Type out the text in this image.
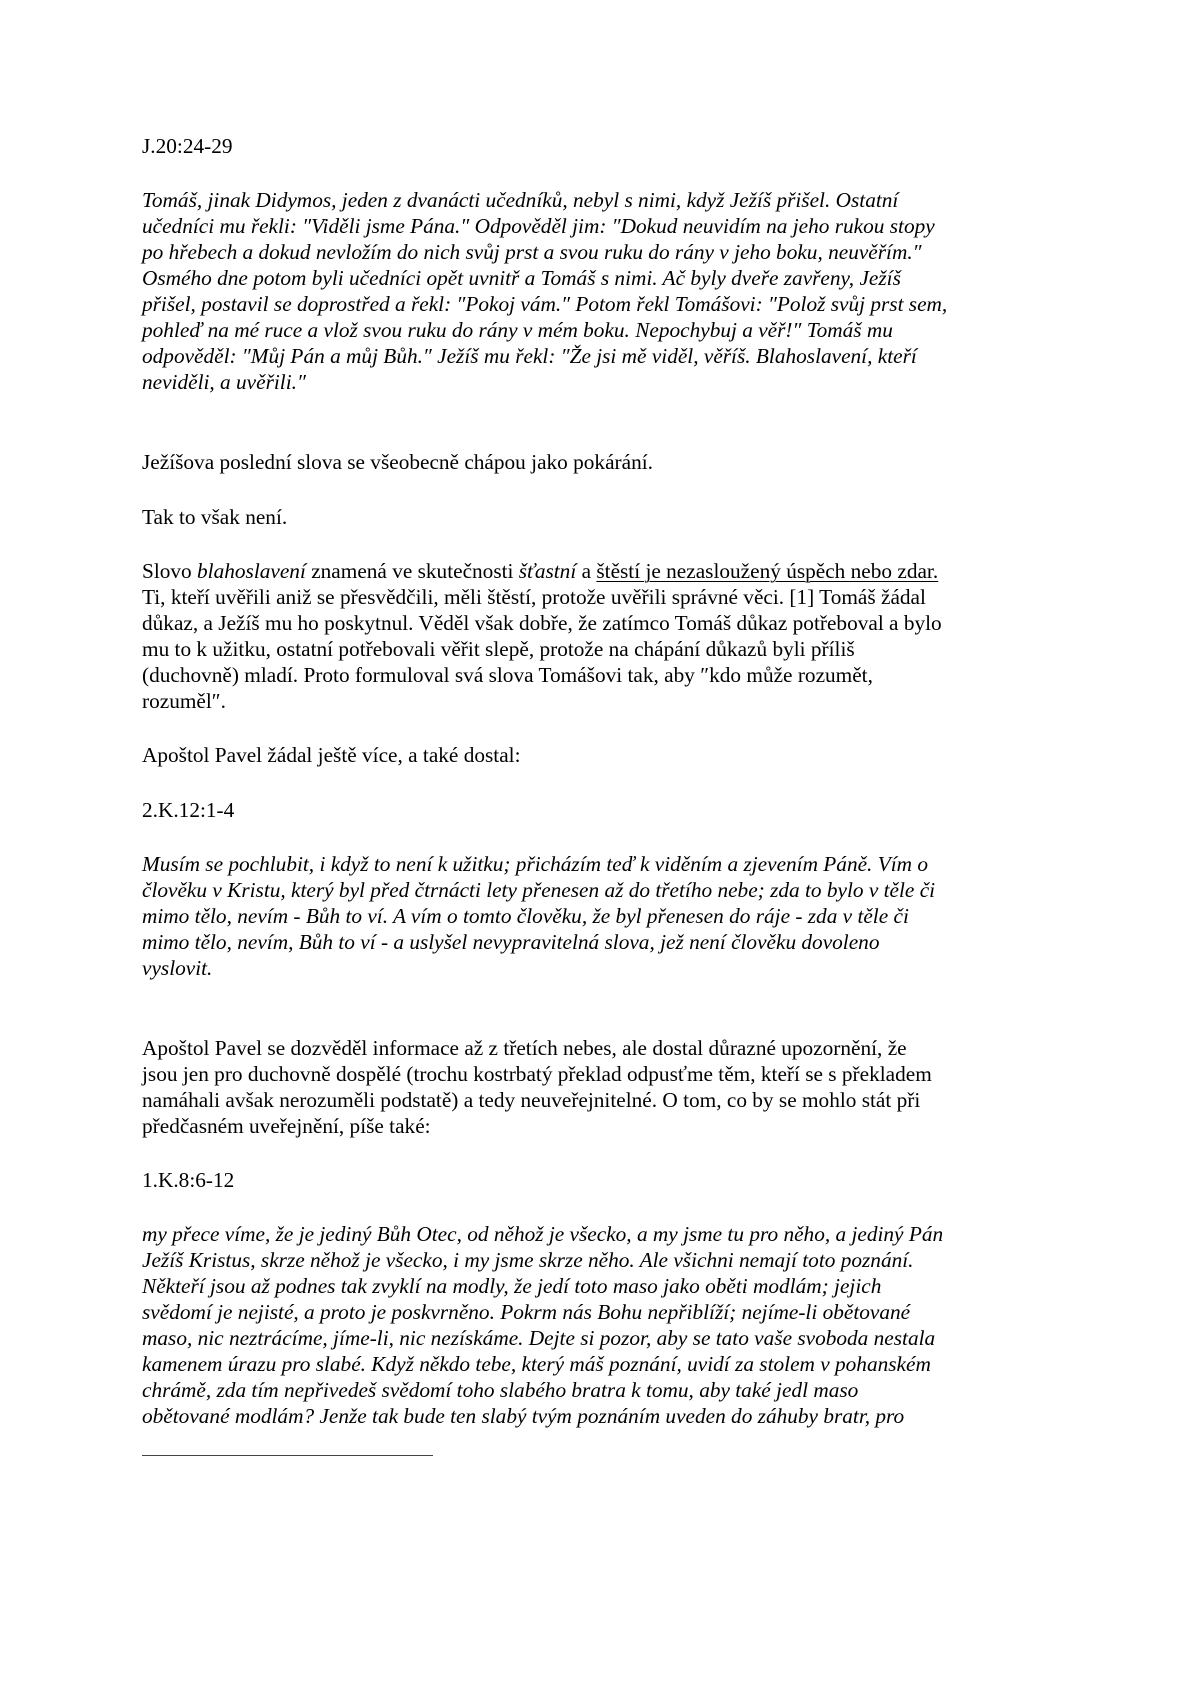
J.20:24-29
Tomáš, jinak Didymos, jeden z dvanácti učedníků, nebyl s nimi, když Ježíš přišel. Ostatní
učedníci mu řekli: ″Viděli jsme Pána.″ Odpověděl jim: ″Dokud neuvidím na jeho rukou stopy
po hřebech a dokud nevložím do nich svůj prst a svou ruku do rány v jeho boku, neuvěřím.″
Osmého dne potom byli učedníci opět uvnitř a Tomáš s nimi. Ač byly dveře zavřeny, Ježíš
přišel, postavil se doprostřed a řekl: ″Pokoj vám.″ Potom řekl Tomášovi: ″Polož svůj prst sem,
pohleď na mé ruce a vlož svou ruku do rány v mém boku. Nepochybuj a věř!″ Tomáš mu
odpověděl: ″Můj Pán a můj Bůh.″ Ježíš mu řekl: ″Že jsi mě viděl, věříš. Blahoslavení, kteří
neviděli, a uvěřili.″
Ježíšova poslední slova se všeobecně chápou jako pokárání.
Tak to však není.
Slovo blahoslavení znamená ve skutečnosti šťastní a štěstí je nezasloužený úspěch nebo zdar.
Ti, kteří uvěřili aniž se přesvědčili, měli štěstí, protože uvěřili správné věci. [1] Tomáš žádal
důkaz, a Ježíš mu ho poskytnul. Věděl však dobře, že zatímco Tomáš důkaz potřeboval a bylo
mu to k užitku, ostatní potřebovali věřit slepě, protože na chápání důkazů byli příliš
(duchovně) mladí. Proto formuloval svá slova Tomášovi tak, aby ″kdo může rozumět,
rozuměl″.
Apoštol Pavel žádal ještě více, a také dostal:
2.K.12:1-4
Musím se pochlubit, i když to není k užitku; přicházím teď k viděním a zjevením Páně. Vím o
člověku v Kristu, který byl před čtrnácti lety přenesen až do třetího nebe; zda to bylo v těle či
mimo tělo, nevím - Bůh to ví. A vím o tomto člověku, že byl přenesen do ráje - zda v těle či
mimo tělo, nevím, Bůh to ví - a uslyšel nevypravitelná slova, jež není člověku dovoleno
vyslovit.
Apoštol Pavel se dozvěděl informace až z třetích nebes, ale dostal důrazné upozornění, že
jsou jen pro duchovně dospělé (trochu kostrbatý překlad odpusťme těm, kteří se s překladem
namáhali avšak nerozuměli podstatě) a tedy neuveřejnitelné. O tom, co by se mohlo stát při
předčasném uveřejnění, píše také:
1.K.8:6-12
my přece víme, že je jediný Bůh Otec, od něhož je všecko, a my jsme tu pro něho, a jediný Pán
Ježíš Kristus, skrze něhož je všecko, i my jsme skrze něho. Ale všichni nemají toto poznání.
Někteří jsou až podnes tak zvyklí na modly, že jedí toto maso jako oběti modlám; jejich
svědomí je nejisté, a proto je poskvrněno. Pokrm nás Bohu nepřiblíží; nejíme-li obětované
maso, nic neztrácíme, jíme-li, nic nezískáme. Dejte si pozor, aby se tato vaše svoboda nestala
kamenem úrazu pro slabé. Když někdo tebe, který máš poznání, uvidí za stolem v pohanském
chrámě, zda tím nepřivedeš svědomí toho slabého bratra k tomu, aby také jedl maso
obětované modlám? Jenže tak bude ten slabý tvým poznáním uveden do záhuby bratr, pro
